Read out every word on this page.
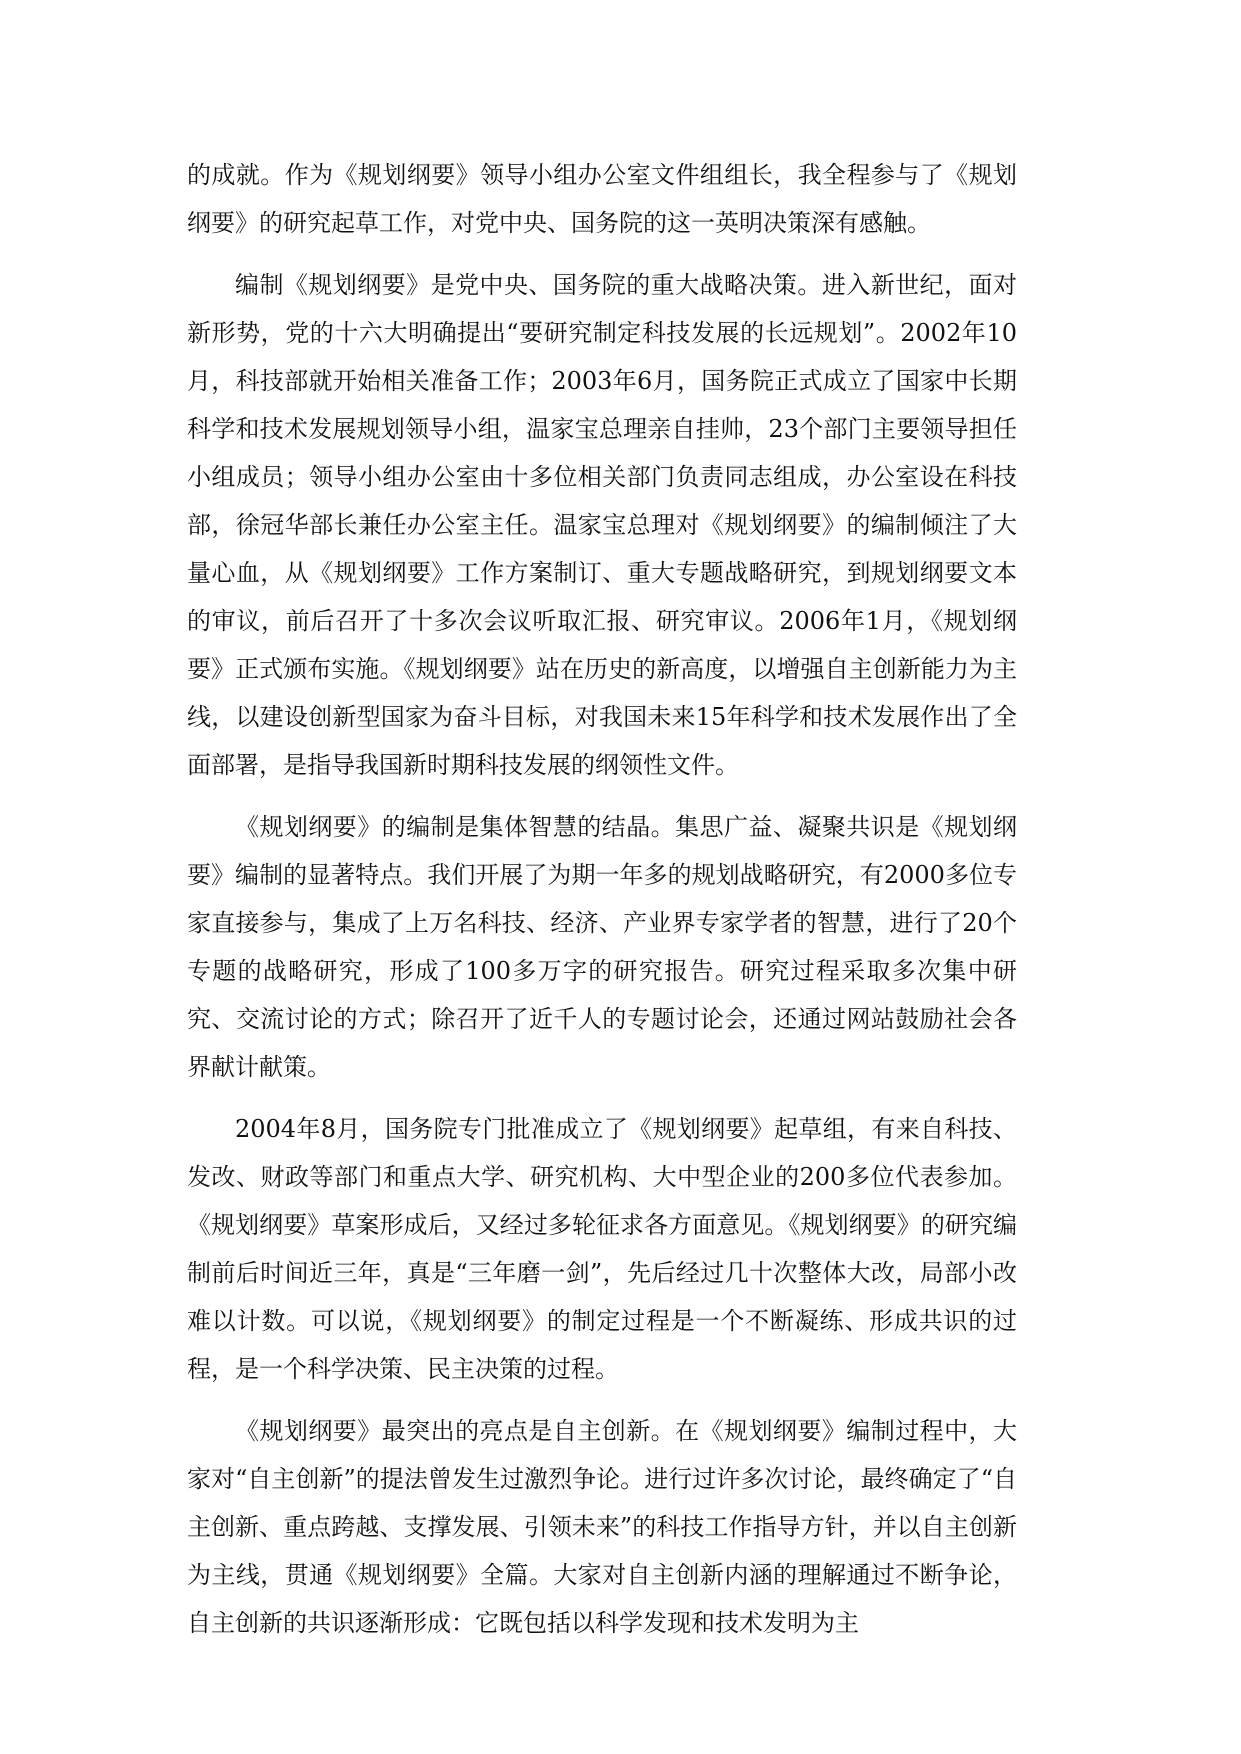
的成就。作为《规划纲要》领导小组办公室文件组组长，我全程参与了《规划纲要》的研究起草工作，对党中央、国务院的这一英明决策深有感触。

编制《规划纲要》是党中央、国务院的重大战略决策。进入新世纪，面对新形势，党的十六大明确提出“要研究制定科技发展的长远规划”。2002年10月，科技部就开始相关准备工作；2003年6月，国务院正式成立了国家中长期科学和技术发展规划领导小组，温家宝总理亲自挂帅，23个部门主要领导担任小组成员；领导小组办公室由十多位相关部门负责同志组成，办公室设在科技部，徐冠华部长兼任办公室主任。温家宝总理对《规划纲要》的编制倾注了大量心血，从《规划纲要》工作方案制订、重大专题战略研究，到规划纲要文本的审议，前后召开了十多次会议听取汇报、研究审议。2006年1月，《规划纲要》正式颁布实施。《规划纲要》站在历史的新高度，以增强自主创新能力为主线，以建设创新型国家为奋斗目标，对我国未来15年科学和技术发展作出了全面部署，是指导我国新时期科技发展的纲领性文件。

《规划纲要》的编制是集体智慧的结晶。集思广益、凝聚共识是《规划纲要》编制的显著特点。我们开展了为期一年多的规划战略研究，有2000多位专家直接参与，集成了上万名科技、经济、产业界专家学者的智慧，进行了20个专题的战略研究，形成了100多万字的研究报告。研究过程采取多次集中研究、交流讨论的方式；除召开了近千人的专题讨论会，还通过网站鼓励社会各界献计献策。

2004年8月，国务院专门批准成立了《规划纲要》起草组，有来自科技、发改、财政等部门和重点大学、研究机构、大中型企业的200多位代表参加。《规划纲要》草案形成后，又经过多轮征求各方面意见。《规划纲要》的研究编制前后时间近三年，真是“三年磨一剑”，先后经过几十次整体大改，局部小改难以计数。可以说，《规划纲要》的制定过程是一个不断凝练、形成共识的过程，是一个科学决策、民主决策的过程。

《规划纲要》最突出的亮点是自主创新。在《规划纲要》编制过程中，大家对“自主创新”的提法曾发生过激烈争论。进行过许多次讨论，最终确定了“自主创新、重点跨越、支撑发展、引领未来”的科技工作指导方针，并以自主创新为主线，贯通《规划纲要》全篇。大家对自主创新内涵的理解通过不断争论，自主创新的共识逐渐形成：它既包括以科学发现和技术发明为主
